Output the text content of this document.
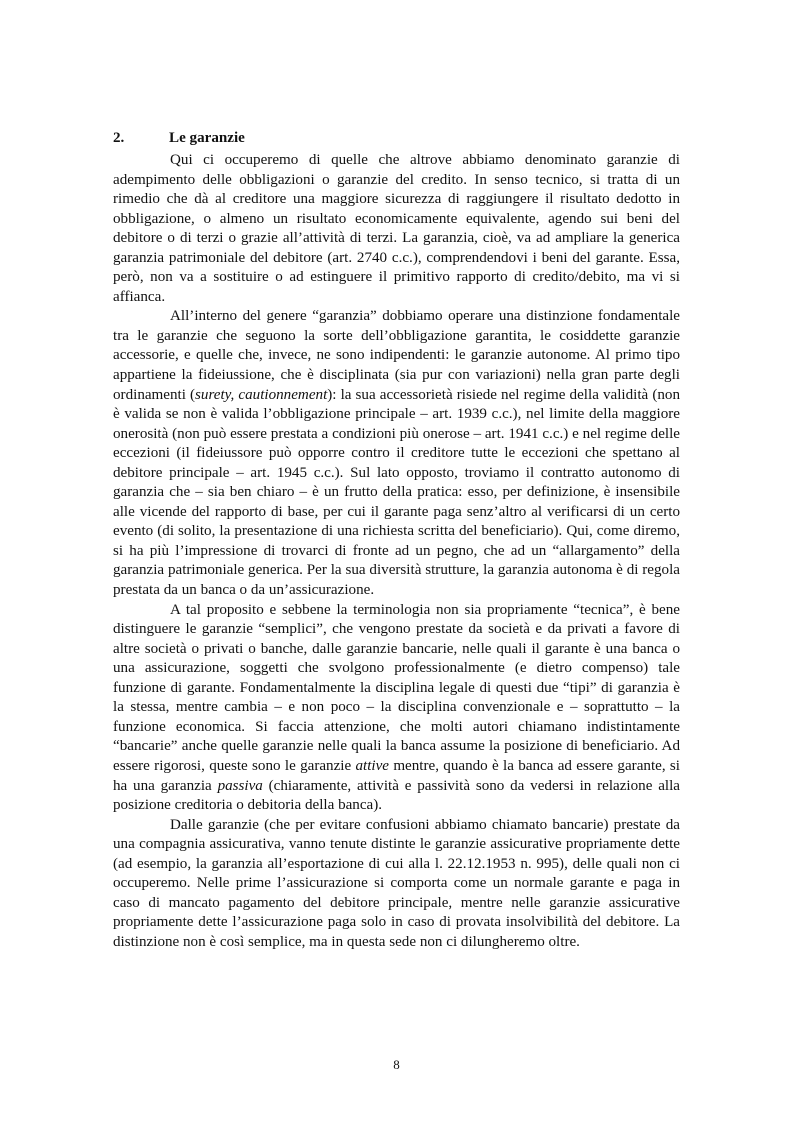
2.	Le garanzie

Qui ci occuperemo di quelle che altrove abbiamo denominato garanzie di adempimento delle obbligazioni o garanzie del credito. In senso tecnico, si tratta di un rimedio che dà al creditore una maggiore sicurezza di raggiungere il risultato dedotto in obbligazione, o almeno un risultato economicamente equivalente, agendo sui beni del debitore o di terzi o grazie all’attività di terzi. La garanzia, cioè, va ad ampliare la generica garanzia patrimoniale del debitore (art. 2740 c.c.), comprendendovi i beni del garante. Essa, però, non va a sostituire o ad estinguere il primitivo rapporto di credito/debito, ma vi si affianca.

All’interno del genere “garanzia” dobbiamo operare una distinzione fondamentale tra le garanzie che seguono la sorte dell’obbligazione garantita, le cosiddette garanzie accessorie, e quelle che, invece, ne sono indipendenti: le garanzie autonome. Al primo tipo appartiene la fideiussione, che è disciplinata (sia pur con variazioni) nella gran parte degli ordinamenti (surety, cautionnement): la sua accessorietà risiede nel regime della validità (non è valida se non è valida l’obbligazione principale – art. 1939 c.c.), nel limite della maggiore onerosità (non può essere prestata a condizioni più onerose – art. 1941 c.c.) e nel regime delle eccezioni (il fideiussore può opporre contro il creditore tutte le eccezioni che spettano al debitore principale – art. 1945 c.c.). Sul lato opposto, troviamo il contratto autonomo di garanzia che – sia ben chiaro – è un frutto della pratica: esso, per definizione, è insensibile alle vicende del rapporto di base, per cui il garante paga senz’altro al verificarsi di un certo evento (di solito, la presentazione di una richiesta scritta del beneficiario). Qui, come diremo, si ha più l’impressione di trovarci di fronte ad un pegno, che ad un “allargamento” della garanzia patrimoniale generica. Per la sua diversità strutture, la garanzia autonoma è di regola prestata da un banca o da un’assicurazione.

A tal proposito e sebbene la terminologia non sia propriamente “tecnica”, è bene distinguere le garanzie “semplici”, che vengono prestate da società e da privati a favore di altre società o privati o banche, dalle garanzie bancarie, nelle quali il garante è una banca o una assicurazione, soggetti che svolgono professionalmente (e dietro compenso) tale funzione di garante. Fondamentalmente la disciplina legale di questi due “tipi” di garanzia è la stessa, mentre cambia – e non poco – la disciplina convenzionale e – soprattutto – la funzione economica. Si faccia attenzione, che molti autori chiamano indistintamente “bancarie” anche quelle garanzie nelle quali la banca assume la posizione di beneficiario. Ad essere rigorosi, queste sono le garanzie attive mentre, quando è la banca ad essere garante, si ha una garanzia passiva (chiaramente, attività e passività sono da vedersi in relazione alla posizione creditoria o debitoria della banca).

Dalle garanzie (che per evitare confusioni abbiamo chiamato bancarie) prestate da una compagnia assicurativa, vanno tenute distinte le garanzie assicurative propriamente dette (ad esempio, la garanzia all’esportazione di cui alla l. 22.12.1953 n. 995), delle quali non ci occuperemo. Nelle prime l’assicurazione si comporta come un normale garante e paga in caso di mancato pagamento del debitore principale, mentre nelle garanzie assicurative propriamente dette l’assicurazione paga solo in caso di provata insolvibilità del debitore. La distinzione non è così semplice, ma in questa sede non ci dilungheremo oltre.

8
